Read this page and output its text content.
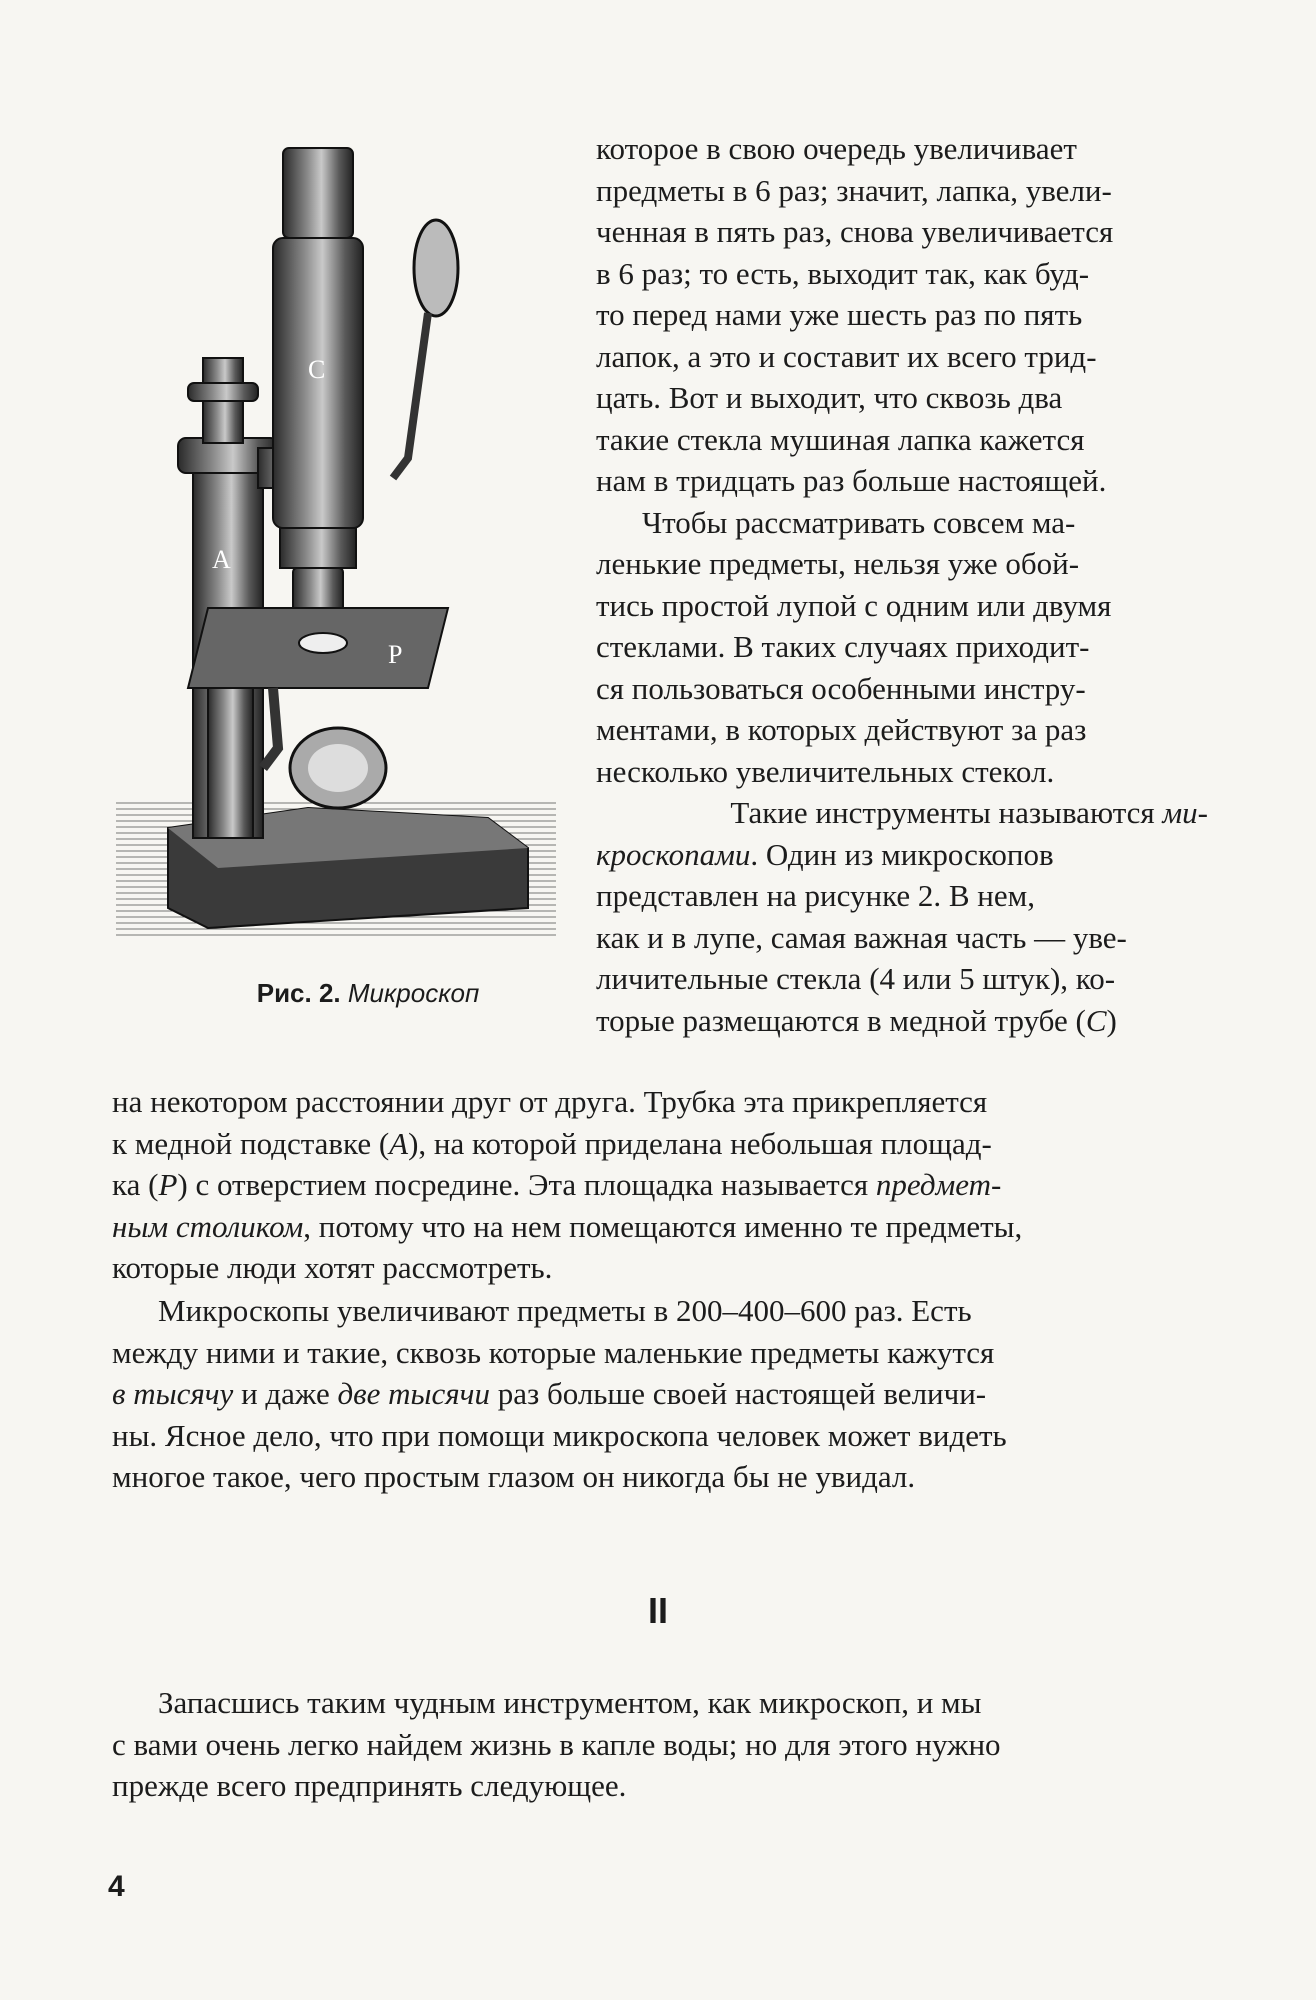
C
A
P
Рис. 2. Микроскоп
которое в свою очередь увеличивает
предметы в 6 раз; значит, лапка, увели-
ченная в пять раз, снова увеличивается
в 6 раз; то есть, выходит так, как буд-
то перед нами уже шесть раз по пять
лапок, а это и составит их всего трид-
цать. Вот и выходит, что сквозь два
такие стекла мушиная лапка кажется
нам в тридцать раз больше настоящей.
Чтобы рассматривать совсем ма-
ленькие предметы, нельзя уже обой-
тись простой лупой с одним или двумя
стеклами. В таких случаях приходит-
ся пользоваться особенными инстру-
ментами, в которых действуют за раз
несколько увеличительных стекол.
Такие инструменты называются ми-
кроскопами . Один из микроскопов
представлен на рисунке 2. В нем,
как и в лупе, самая важная часть — уве-
личительные стекла (4 или 5 штук), ко-
торые размещаются в медной трубе ( C )
на некотором расстоянии друг от друга. Трубка эта прикрепляется
к медной подставке ( A ), на которой приделана небольшая площад-
ка ( P ) с отверстием посредине. Эта площадка называется предмет-
ным столиком , потому что на нем помещаются именно те предметы,
которые люди хотят рассмотреть.
Микроскопы увеличивают предметы в 200–400–600 раз. Есть
между ними и такие, сквозь которые маленькие предметы кажутся
в тысячу и даже две тысячи раз больше своей настоящей величи-
ны. Ясное дело, что при помощи микроскопа человек может видеть
многое такое, чего простым глазом он никогда бы не увидал.
II
Запасшись таким чудным инструментом, как микроскоп, и мы
с вами очень легко найдем жизнь в капле воды; но для этого нужно
прежде всего предпринять следующее.
4
